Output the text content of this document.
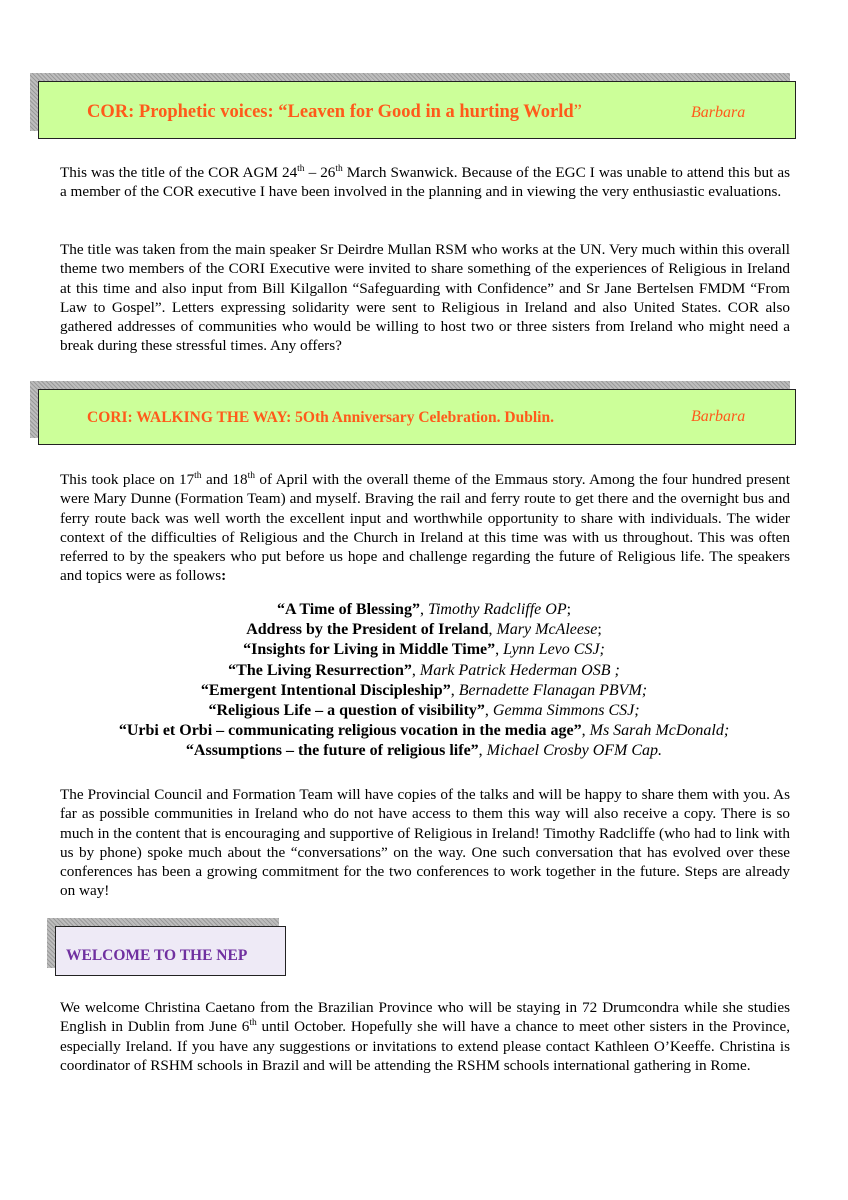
COR: Prophetic voices: “Leaven for Good in a hurting World”	Barbara
This was the title of the COR AGM 24th – 26th March Swanwick. Because of the EGC I was unable to attend this but as a member of the COR executive I have been involved in the planning and in viewing the very enthusiastic evaluations.
The title was taken from the main speaker Sr Deirdre Mullan RSM who works at the UN. Very much within this overall theme two members of the CORI Executive were invited to share something of the experiences of Religious in Ireland at this time and also input from Bill Kilgallon “Safeguarding with Confidence” and Sr Jane Bertelsen FMDM “From Law to Gospel”. Letters expressing solidarity were sent to Religious in Ireland and also United States. COR also gathered addresses of communities who would be willing to host two or three sisters from Ireland who might need a break during these stressful times. Any offers?
CORI: WALKING THE WAY: 5Oth Anniversary Celebration. Dublin.	Barbara
This took place on 17th and 18th of April with the overall theme of the Emmaus story. Among the four hundred present were Mary Dunne (Formation Team) and myself. Braving the rail and ferry route to get there and the overnight bus and ferry route back was well worth the excellent input and worthwhile opportunity to share with individuals. The wider context of the difficulties of Religious and the Church in Ireland at this time was with us throughout. This was often referred to by the speakers who put before us hope and challenge regarding the future of Religious life. The speakers and topics were as follows:
“A Time of Blessing”, Timothy Radcliffe OP;
Address by the President of Ireland, Mary McAleese;
“Insights for Living in Middle Time”, Lynn Levo CSJ;
“The Living Resurrection”, Mark Patrick Hederman OSB ;
“Emergent Intentional Discipleship”, Bernadette Flanagan PBVM;
“Religious Life – a question of visibility”, Gemma Simmons CSJ;
“Urbi et Orbi – communicating religious vocation in the media age”, Ms Sarah McDonald;
“Assumptions – the future of religious life”, Michael Crosby OFM Cap.
The Provincial Council and Formation Team will have copies of the talks and will be happy to share them with you. As far as possible communities in Ireland who do not have access to them this way will also receive a copy. There is so much in the content that is encouraging and supportive of Religious in Ireland! Timothy Radcliffe (who had to link with us by phone) spoke much about the “conversations” on the way. One such conversation that has evolved over these conferences has been a growing commitment for the two conferences to work together in the future. Steps are already on way!
WELCOME TO THE NEP
We welcome Christina Caetano from the Brazilian Province who will be staying in 72 Drumcondra while she studies English in Dublin from June 6th until October. Hopefully she will have a chance to meet other sisters in the Province, especially Ireland. If you have any suggestions or invitations to extend please contact Kathleen O’Keeffe. Christina is coordinator of RSHM schools in Brazil and will be attending the RSHM schools international gathering in Rome.
